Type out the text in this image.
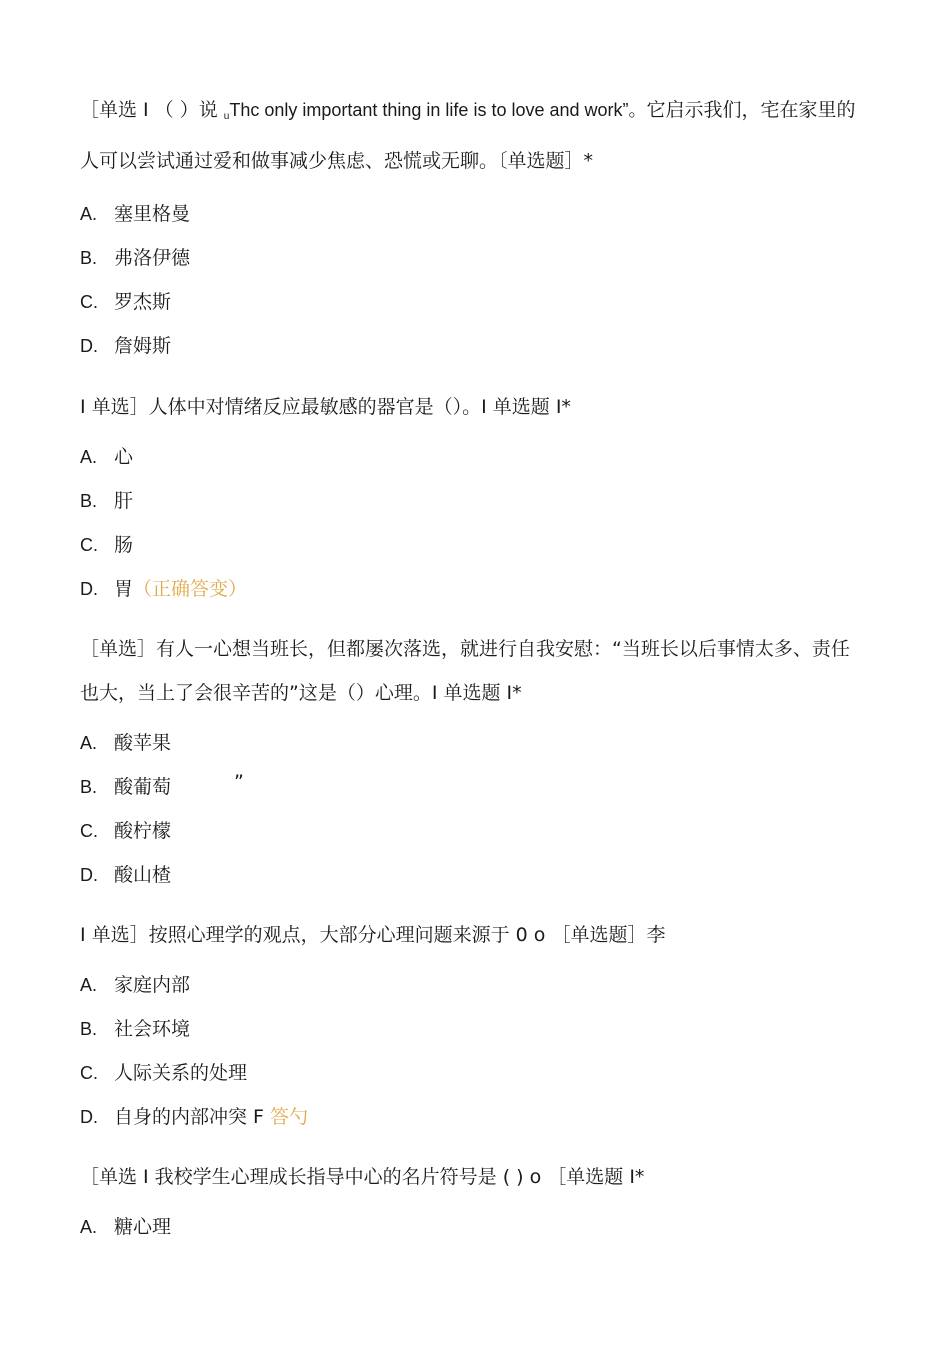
［单选 I （ ）说 uThc only important thing in life is to love and work”。它启示我们，宅在家里的人可以尝试通过爱和做事减少焦虑、恐慌或无聊。〔单选题］*
A. 塞里格曼
B. 弗洛伊德
C. 罗杰斯
D. 詹姆斯
I 单选］人体中对情绪反应最敏感的器官是（）。I 单选题 I*
A. 心
B. 肝
C. 肠
D. 胃（正确答变）
［单选］有人一心想当班长，但都屡次落选，就进行自我安慰：“当班长以后事情太多、责任也大，当上了会很辛苦的”这是（）心理。I 单选题 I*
A. 酸苹果
B. 酸葡萄	”
C. 酸柠檬
D. 酸山楂
I 单选］按照心理学的观点，大部分心理问题来源于 0 o ［单选题］李
A. 家庭内部
B. 社会环境
C. 人际关系的处理
D. 自身的内部冲突 F 答勺
［单选 I 我校学生心理成长指导中心的名片符号是 ( ) o ［单选题 I*
A. 糖心理
